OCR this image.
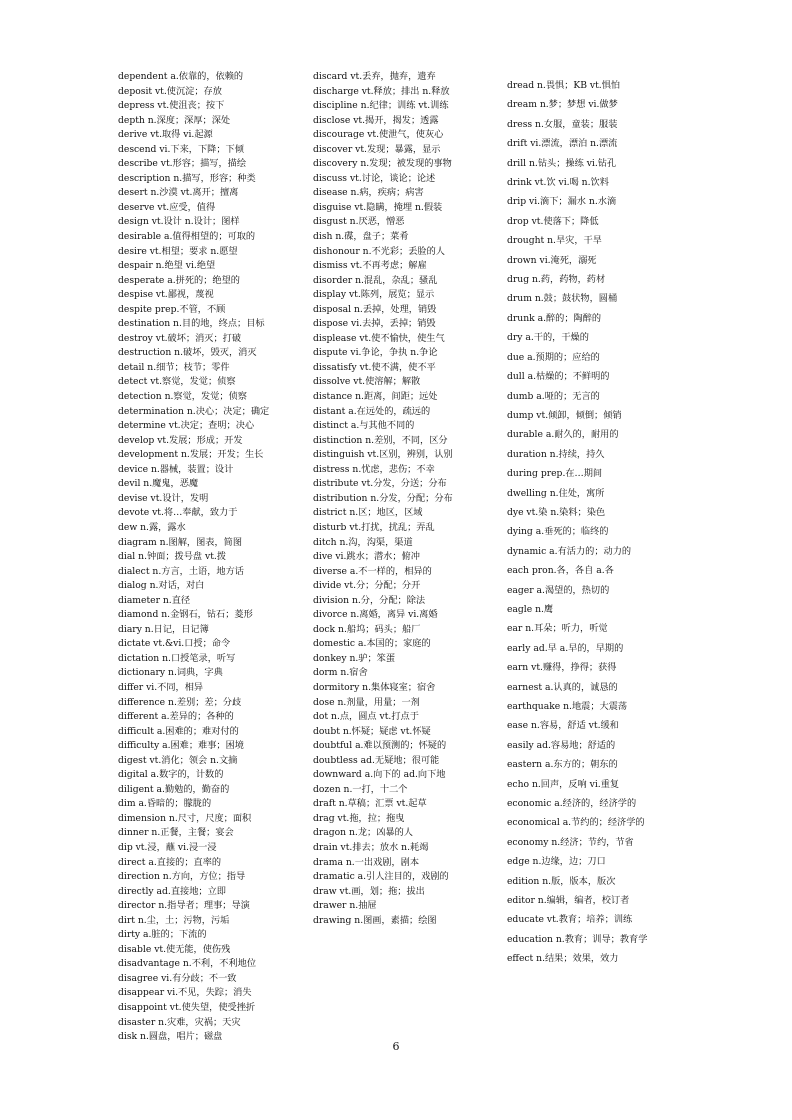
dependent a.依靠的，依赖的
deposit vt.使沉淀；存放
depress vt.使沮丧；按下
depth n.深度；深厚；深处
derive vt.取得 vi.起源
descend vi.下来，下降；下倾
describe vt.形容；描写，描绘
description n.描写，形容；种类
desert n.沙漠 vt.离开；擅离
deserve vt.应受，值得
design vt.设计 n.设计；图样
desirable a.值得相望的；可取的
desire vt.相望；要求 n.愿望
despair n.绝望 vi.绝望
desperate a.拼死的；绝望的
despise vt.鄙视，蔑视
despite prep.不管，不顾
destination n.目的地，终点；目标
destroy vt.破坏；消灭；打破
destruction n.破坏，毁灭，消灭
detail n.细节；枝节；零件
detect vt.察觉，发觉；侦察
detection n.察觉，发觉；侦察
determination n.决心；决定；确定
determine vt.决定；查明；决心
develop vt.发展；形成；开发
development n.发展；开发；生长
device n.器械，装置；设计
devil n.魔鬼，恶魔
devise vt.设计，发明
devote vt.将…奉献，致力于
dew n.露，露水
diagram n.图解，图表，简图
dial n.钟面；拨号盘 vt.拨
dialect n.方言，土语，地方话
dialog n.对话，对白
diameter n.直径
diamond n.金钢石，钻石；菱形
diary n.日记，日记簿
dictate vt.&vi.口授；命令
dictation n.口授笔录，听写
dictionary n.词典，字典
differ vi.不同，相异
difference n.差别；差；分歧
different a.差异的；各种的
difficult a.困难的；难对付的
difficulty a.困难；难事；困境
digest vt.消化；领会 n.文摘
digital a.数字的，计数的
diligent a.勤勉的，勤奋的
dim a.昏暗的；朦胧的
dimension n.尺寸，尺度；面积
dinner n.正餐，主餐；宴会
dip vt.浸，蘸 vi.浸一浸
direct a.直接的；直率的
direction n.方向，方位；指导
directly ad.直接地；立即
director n.指导者；理事；导演
dirt n.尘，土；污物，污垢
dirty a.脏的；下流的
disable vt.使无能，使伤残
disadvantage n.不利，不利地位
disagree vi.有分歧；不一致
disappear vi.不见，失踪；消失
disappoint vt.使失望，使受挫折
disaster n.灾难，灾祸；天灾
disk n.圆盘，唱片；磁盘
discard vt.丢弃，抛弃，遗弃
discharge vt.释放；排出 n.释放
discipline n.纪律；训练 vt.训练
disclose vt.揭开，揭发；透露
discourage vt.使泄气，使灰心
discover vt.发现；暴露，显示
discovery n.发现；被发现的事物
discuss vt.讨论，谈论；论述
disease n.病，疾病；病害
disguise vt.隐瞒，掩埋 n.假装
disgust n.厌恶，憎恶
dish n.碟，盘子；菜肴
dishonour n.不光彩；丢脸的人
dismiss vt.不再考虑；解雇
disorder n.混乱，杂乱；骚乱
display vt.陈列，展览；显示
disposal n.丢掉，处理，销毁
dispose vi.去掉，丢掉；销毁
displease vt.使不愉快，使生气
dispute vi.争论，争执 n.争论
dissatisfy vt.使不满，使不平
dissolve vt.使溶解；解散
distance n.距离，间距；远处
distant a.在远处的，疏远的
distinct a.与其他不同的
distinction n.差别，不同，区分
distinguish vt.区别，辨别，认别
distress n.忧虑，悲伤；不幸
distribute vt.分发，分送；分布
distribution n.分发，分配；分布
district n.区；地区，区域
disturb vt.打扰，扰乱；弄乱
ditch n.沟，沟渠，渠道
dive vi.跳水；潜水；俯冲
diverse a.不一样的，相异的
divide vt.分；分配；分开
division n.分，分配；除法
divorce n.离婚，离异 vi.离婚
dock n.船坞；码头；船厂
domestic a.本国的；家庭的
donkey n.驴；笨蛋
dorm n.宿舍
dormitory n.集体寝室；宿舍
dose n.剂量，用量；一剂
dot n.点，圆点 vt.打点于
doubt n.怀疑；疑虑 vt.怀疑
doubtful a.难以预测的；怀疑的
doubtless ad.无疑地；很可能
downward a.向下的 ad.向下地
dozen n.一打，十二个
draft n.草稿；汇票 vt.起草
drag vt.拖，拉；拖曳
dragon n.龙；凶暴的人
drain vt.排去；放水 n.耗竭
drama n.一出戏剧，剧本
dramatic a.引人注目的，戏剧的
draw vt.画，划；拖；拔出
drawer n.抽屉
drawing n.图画，素描；绘图
dread n.畏惧；KB vt.惧怕
dream n.梦；梦想 vi.做梦
dress n.女服，童装；服装
drift vi.漂流，漂泊 n.漂流
drill n.钻头；操练 vi.钻孔
drink vt.饮 vi.喝 n.饮料
drip vi.滴下；漏水 n.水滴
drop vt.使落下；降低
drought n.旱灾，干旱
drown vi.淹死，溺死
drug n.药，药物，药材
drum n.鼓；鼓状物，圆桶
drunk a.醉的；陶醉的
dry a.干的，干燥的
due a.预期的；应给的
dull a.枯燥的；不鲜明的
dumb a.哑的；无言的
dump vt.倾卸，倾倒；倾销
durable a.耐久的，耐用的
duration n.持续，持久
during prep.在…期间
dwelling n.住处，寓所
dye vt.染 n.染料；染色
dying a.垂死的；临终的
dynamic a.有活力的；动力的
each pron.各，各自 a.各
eager a.渴望的，热切的
eagle n.鹰
ear n.耳朵；听力，听觉
early ad.早 a.早的，早期的
earn vt.赚得，挣得；获得
earnest a.认真的，诚恳的
earthquake n.地震；大震荡
ease n.容易，舒适 vt.缓和
easily ad.容易地；舒适的
eastern a.东方的；朝东的
echo n.回声，反响 vi.重复
economic a.经济的，经济学的
economical a.节约的；经济学的
economy n.经济；节约，节省
edge n.边缘，边；刀口
edition n.版，版本，版次
editor n.编辑，编者，校订者
educate vt.教育；培养；训练
education n.教育；训导；教育学
effect n.结果；效果，效力
6
